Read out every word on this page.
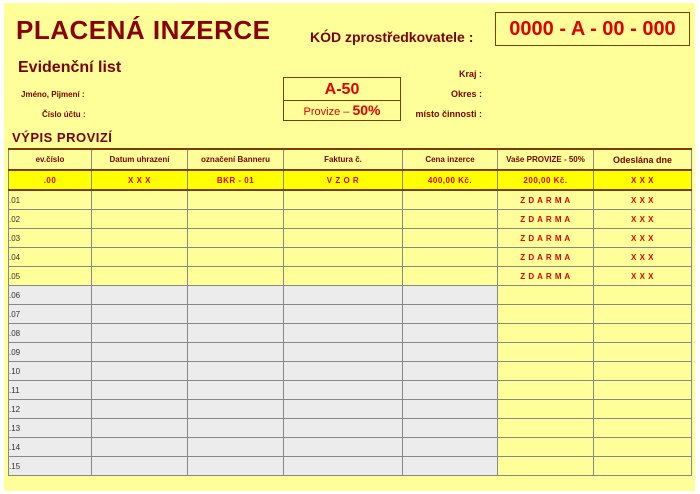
PLACENÁ INZERCE	KÓD zprostředkovatele :	0000 - A - 00 - 000
Evidenční list
Jméno, Pijmení :
Číslo účtu :
A-50
Provize – 50%
Kraj :
Okres :
místo činnosti :
VÝPIS PROVIZÍ
ev.číslo	Datum uhrazení	označení Banneru	Faktura č.	Cena inzerce	Vaše PROVIZE - 50%	Odeslána dne
.00	X X X	BKR - 01	V Z O R	400,00 Kč.	200,00 Kč.	X X X
.01					Z D A R M A	X X X
.02					Z D A R M A	X X X
.03					Z D A R M A	X X X
.04					Z D A R M A	X X X
.05					Z D A R M A	X X X
.06						
.07						
.08						
.09						
.10						
.11						
.12						
.13						
.14						
.15						
